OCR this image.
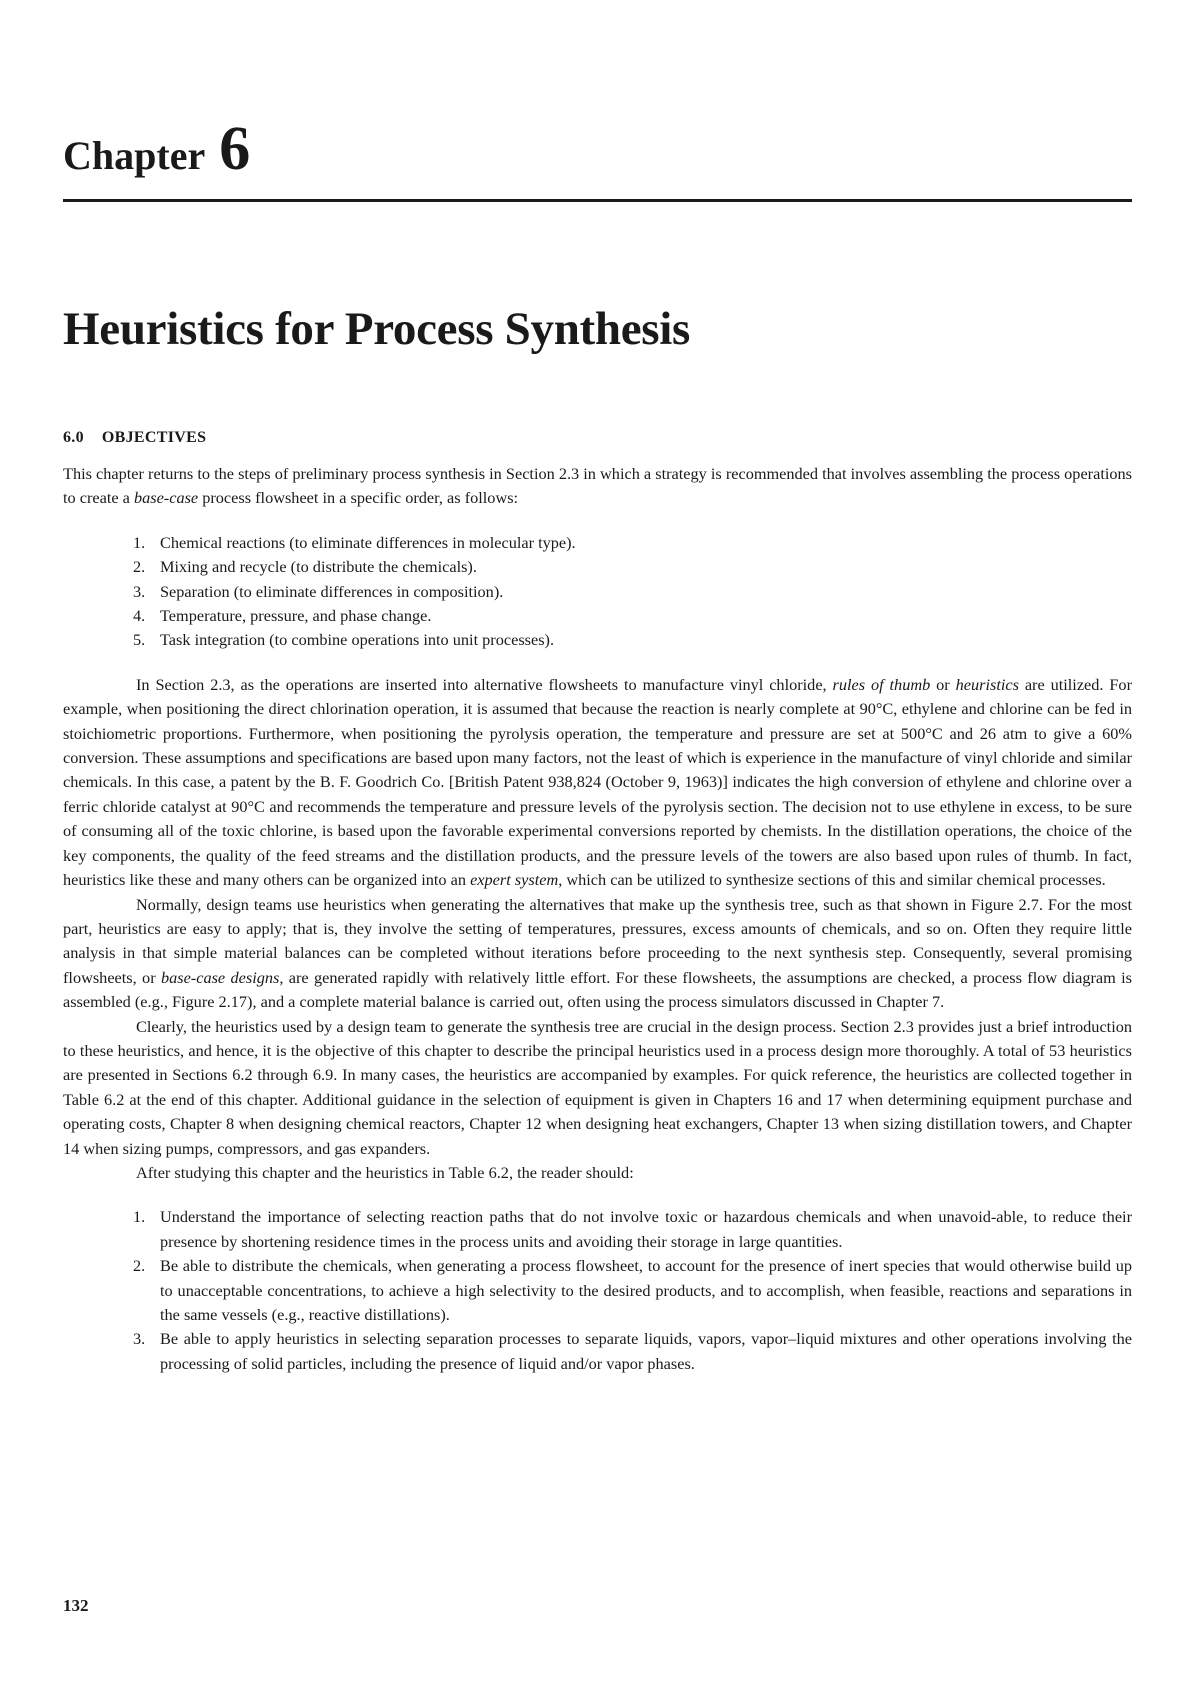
Chapter 6
Heuristics for Process Synthesis
6.0 OBJECTIVES

This chapter returns to the steps of preliminary process synthesis in Section 2.3 in which a strategy is recommended that involves assembling the process operations to create a base-case process flowsheet in a specific order, as follows:

1. Chemical reactions (to eliminate differences in molecular type).
2. Mixing and recycle (to distribute the chemicals).
3. Separation (to eliminate differences in composition).
4. Temperature, pressure, and phase change.
5. Task integration (to combine operations into unit processes).

In Section 2.3, as the operations are inserted into alternative flowsheets to manufacture vinyl chloride, rules of thumb or heuristics are utilized. For example, when positioning the direct chlorination operation, it is assumed that because the reaction is nearly complete at 90°C, ethylene and chlorine can be fed in stoichiometric proportions. Furthermore, when positioning the pyrolysis operation, the temperature and pressure are set at 500°C and 26 atm to give a 60% conversion. These assumptions and specifications are based upon many factors, not the least of which is experience in the manufacture of vinyl chloride and similar chemicals. In this case, a patent by the B. F. Goodrich Co. [British Patent 938,824 (October 9, 1963)] indicates the high conversion of ethylene and chlorine over a ferric chloride catalyst at 90°C and recommends the temperature and pressure levels of the pyrolysis section. The decision not to use ethylene in excess, to be sure of consuming all of the toxic chlorine, is based upon the favorable experimental conversions reported by chemists. In the distillation operations, the choice of the key components, the quality of the feed streams and the distillation products, and the pressure levels of the towers are also based upon rules of thumb. In fact, heuristics like these and many others can be organized into an expert system, which can be utilized to synthesize sections of this and similar chemical processes.

Normally, design teams use heuristics when generating the alternatives that make up the synthesis tree, such as that shown in Figure 2.7. For the most part, heuristics are easy to apply; that is, they involve the setting of temperatures, pressures, excess amounts of chemicals, and so on. Often they require little analysis in that simple material balances can be completed without iterations before proceeding to the next synthesis step. Consequently, several promising flowsheets, or base-case designs, are generated rapidly with relatively little effort. For these flowsheets, the assumptions are checked, a process flow diagram is assembled (e.g., Figure 2.17), and a complete material balance is carried out, often using the process simulators discussed in Chapter 7.

Clearly, the heuristics used by a design team to generate the synthesis tree are crucial in the design process. Section 2.3 provides just a brief introduction to these heuristics, and hence, it is the objective of this chapter to describe the principal heuristics used in a process design more thoroughly. A total of 53 heuristics are presented in Sections 6.2 through 6.9. In many cases, the heuristics are accompanied by examples. For quick reference, the heuristics are collected together in Table 6.2 at the end of this chapter. Additional guidance in the selection of equipment is given in Chapters 16 and 17 when determining equipment purchase and operating costs, Chapter 8 when designing chemical reactors, Chapter 12 when designing heat exchangers, Chapter 13 when sizing distillation towers, and Chapter 14 when sizing pumps, compressors, and gas expanders.

After studying this chapter and the heuristics in Table 6.2, the reader should:

1. Understand the importance of selecting reaction paths that do not involve toxic or hazardous chemicals and when unavoid-able, to reduce their presence by shortening residence times in the process units and avoiding their storage in large quantities.
2. Be able to distribute the chemicals, when generating a process flowsheet, to account for the presence of inert species that would otherwise build up to unacceptable concentrations, to achieve a high selectivity to the desired products, and to accomplish, when feasible, reactions and separations in the same vessels (e.g., reactive distillations).
3. Be able to apply heuristics in selecting separation processes to separate liquids, vapors, vapor–liquid mixtures and other operations involving the processing of solid particles, including the presence of liquid and/or vapor phases.
132
